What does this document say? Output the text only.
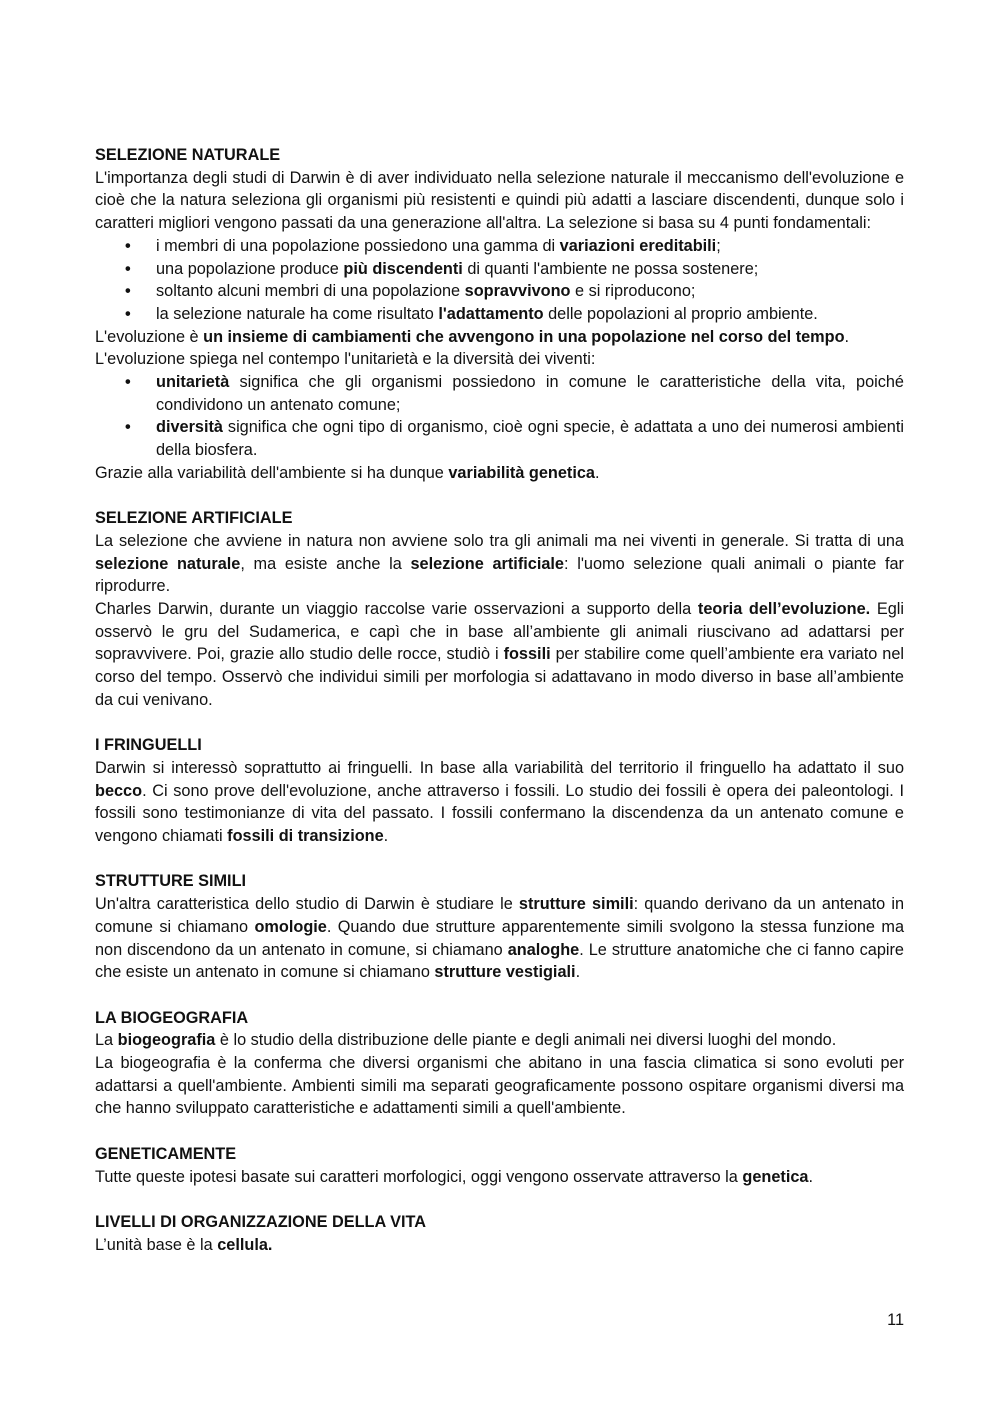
SELEZIONE NATURALE

L'importanza degli studi di Darwin è di aver individuato nella selezione naturale il meccanismo dell'evoluzione e cioè che la natura seleziona gli organismi più resistenti e quindi più adatti a lasciare discendenti, dunque solo i caratteri migliori vengono passati da una generazione all'altra. La selezione si basa su 4 punti fondamentali:

• i membri di una popolazione possiedono una gamma di variazioni ereditabili;
• una popolazione produce più discendenti di quanti l'ambiente ne possa sostenere;
• soltanto alcuni membri di una popolazione sopravvivono e si riproducono;
• la selezione naturale ha come risultato l'adattamento delle popolazioni al proprio ambiente.

L'evoluzione è un insieme di cambiamenti che avvengono in una popolazione nel corso del tempo.

L'evoluzione spiega nel contempo l'unitarietà e la diversità dei viventi:

• unitarietà significa che gli organismi possiedono in comune le caratteristiche della vita, poiché condividono un antenato comune;
• diversità significa che ogni tipo di organismo, cioè ogni specie, è adattata a uno dei numerosi ambienti della biosfera.

Grazie alla variabilità dell'ambiente si ha dunque variabilità genetica.

SELEZIONE ARTIFICIALE

La selezione che avviene in natura non avviene solo tra gli animali ma nei viventi in generale. Si tratta di una selezione naturale, ma esiste anche la selezione artificiale: l'uomo selezione quali animali o piante far riprodurre.

Charles Darwin, durante un viaggio raccolse varie osservazioni a supporto della teoria dell’evoluzione. Egli osservò le gru del Sudamerica, e capì che in base all’ambiente gli animali riuscivano ad adattarsi per sopravvivere. Poi, grazie allo studio delle rocce, studiò i fossili per stabilire come quell’ambiente era variato nel corso del tempo. Osservò che individui simili per morfologia si adattavano in modo diverso in base all’ambiente da cui venivano.

I FRINGUELLI

Darwin si interessò soprattutto ai fringuelli. In base alla variabilità del territorio il fringuello ha adattato il suo becco. Ci sono prove dell'evoluzione, anche attraverso i fossili. Lo studio dei fossili è opera dei paleontologi. I fossili sono testimonianze di vita del passato. I fossili confermano la discendenza da un antenato comune e vengono chiamati fossili di transizione.

STRUTTURE SIMILI

Un'altra caratteristica dello studio di Darwin è studiare le strutture simili: quando derivano da un antenato in comune si chiamano omologie. Quando due strutture apparentemente simili svolgono la stessa funzione ma non discendono da un antenato in comune, si chiamano analoghe. Le strutture anatomiche che ci fanno capire che esiste un antenato in comune si chiamano strutture vestigiali.

LA BIOGEOGRAFIA

La biogeografia è lo studio della distribuzione delle piante e degli animali nei diversi luoghi del mondo.

La biogeografia è la conferma che diversi organismi che abitano in una fascia climatica si sono evoluti per adattarsi a quell'ambiente. Ambienti simili ma separati geograficamente possono ospitare organismi diversi ma che hanno sviluppato caratteristiche e adattamenti simili a quell'ambiente.

GENETICAMENTE

Tutte queste ipotesi basate sui caratteri morfologici, oggi vengono osservate attraverso la genetica.

LIVELLI DI ORGANIZZAZIONE DELLA VITA

L’unità base è la cellula.

11
